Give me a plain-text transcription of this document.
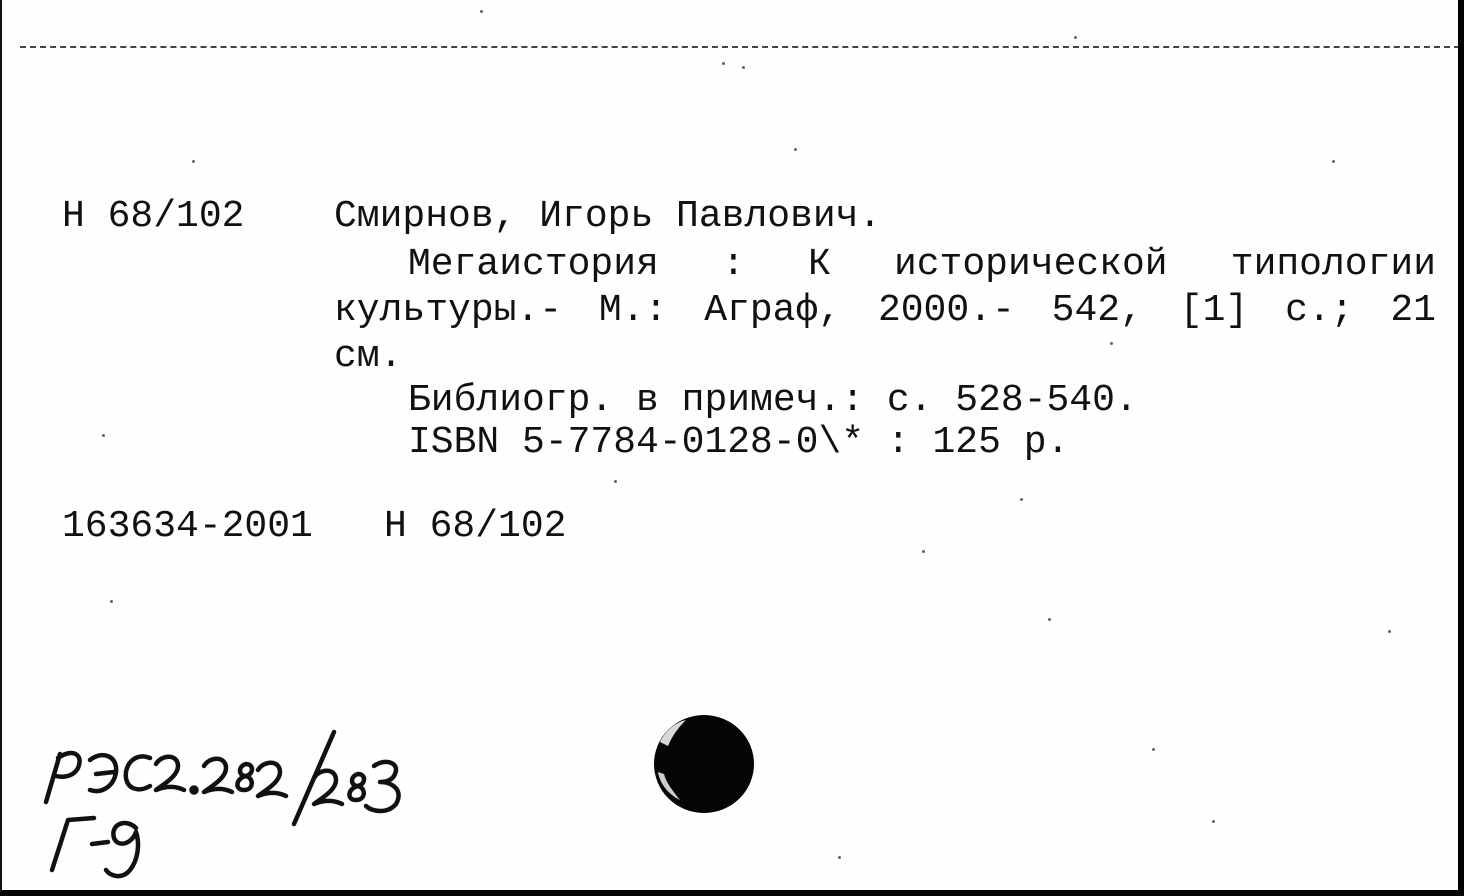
Н 68/102 Смирнов, Игорь Павлович.
Мегаистория : К исторической типологии
культуры.- М.: Аграф, 2000.- 542, [1] с.; 21
см.
Библиогр. в примеч.: с. 528-540.
ISBN 5-7784-0128-0\* : 125 р.
163634-2001 Н 68/102
